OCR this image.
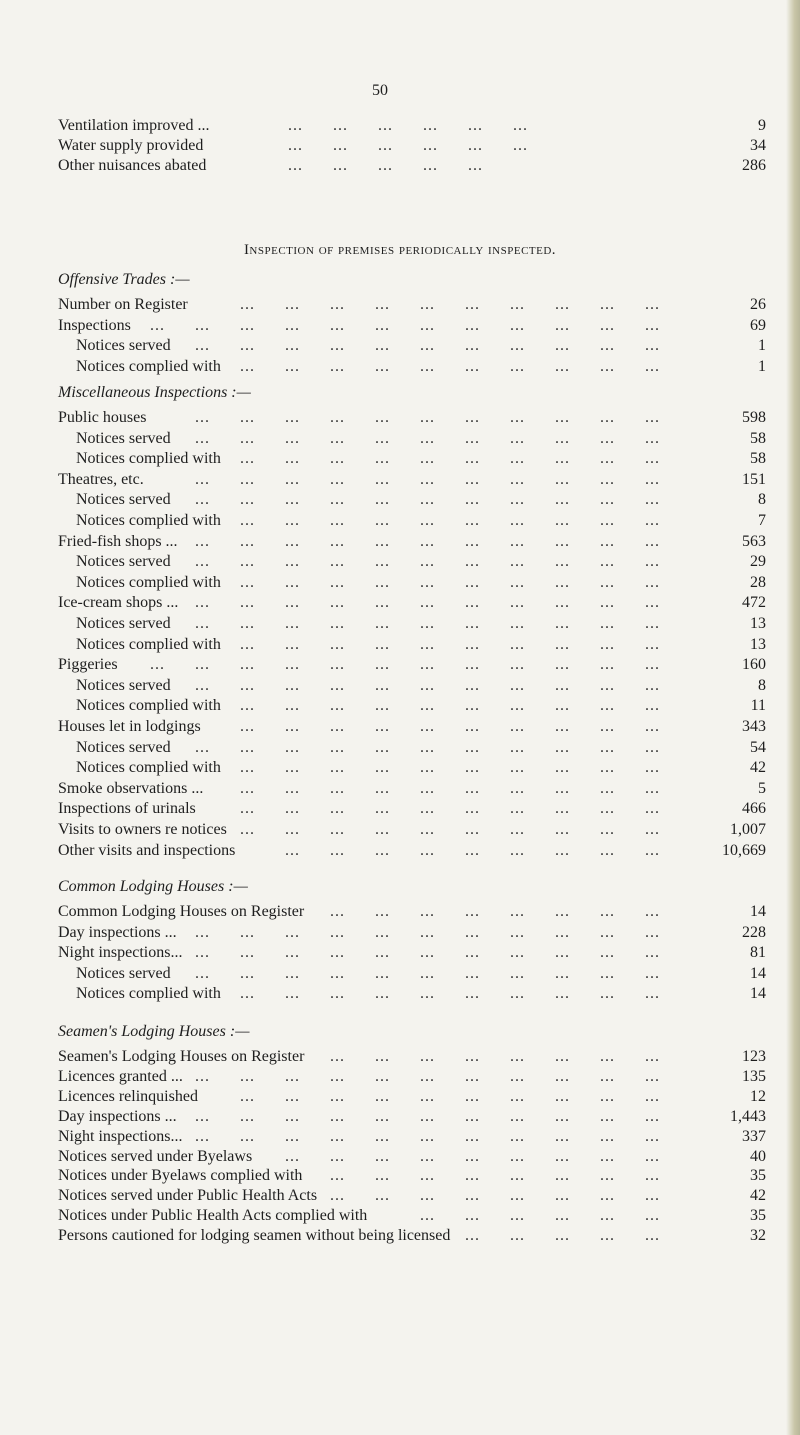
50
Ventilation improved ...	...      ...      ...      ...      ...      ...	9
Water supply provided	...      ...      ...      ...      ...      ...	34
Other nuisances abated	...      ...      ...      ...      ...	286
Inspection of premises periodically inspected.
Offensive Trades :—
Number on Register	...      ...      ...      ...      ...      ...      ...      ...      ...      ...	26
Inspections ...      ...      ...      ...      ...      ...      ...      ...      ...      ...      ...      ...	69
Notices served ...      ...      ...      ...      ...      ...      ...      ...      ...      ...      ...	1
Notices complied with ...      ...      ...      ...      ...      ...      ...      ...      ...      ...	1
Miscellaneous Inspections :—
Public houses	...      ...      ...      ...      ...      ...      ...      ...      ...      ...      ...	598
Notices served ...      ...      ...      ...      ...      ...      ...      ...      ...      ...      ...	58
Notices complied with ...      ...      ...      ...      ...      ...      ...      ...      ...      ...	58
Theatres, etc.	...      ...      ...      ...      ...      ...      ...      ...      ...      ...      ...	151
Notices served ...      ...      ...      ...      ...      ...      ...      ...      ...      ...      ...	8
Notices complied with ...      ...      ...      ...      ...      ...      ...      ...      ...      ...	7
Fried-fish shops ... ...      ...      ...      ...      ...      ...      ...      ...      ...      ...      ...	563
Notices served ...      ...      ...      ...      ...      ...      ...      ...      ...      ...      ...	29
Notices complied with ...      ...      ...      ...      ...      ...      ...      ...      ...      ...	28
Ice-cream shops ... ...      ...      ...      ...      ...      ...      ...      ...      ...      ...      ...	472
Notices served ...      ...      ...      ...      ...      ...      ...      ...      ...      ...      ...	13
Notices complied with ...      ...      ...      ...      ...      ...      ...      ...      ...      ...	13
Piggeries ...      ...      ...      ...      ...      ...      ...      ...      ...      ...      ...      ...	160
Notices served ...      ...      ...      ...      ...      ...      ...      ...      ...      ...      ...	8
Notices complied with ...      ...      ...      ...      ...      ...      ...      ...      ...      ...	11
Houses let in lodgings ...      ...      ...      ...      ...      ...      ...      ...      ...      ...	343
Notices served ...      ...      ...      ...      ...      ...      ...      ...      ...      ...      ...	54
Notices complied with ...      ...      ...      ...      ...      ...      ...      ...      ...      ...	42
Smoke observations ... ...      ...      ...      ...      ...      ...      ...      ...      ...      ...	5
Inspections of urinals	...      ...      ...      ...      ...      ...      ...      ...      ...      ...	466
Visits to owners re notices ...      ...      ...      ...      ...      ...      ...      ...      ...      ...	1,007
Other visits and inspections	...      ...      ...      ...      ...      ...      ...      ...      ... 10,669
Common Lodging Houses :—
Common Lodging Houses on Register ...      ...      ...      ...      ...      ...      ...      ...	14
Day inspections ... ...      ...      ...      ...      ...      ...      ...      ...      ...      ...      ...	228
Night inspections... ...      ...      ...      ...      ...      ...      ...      ...      ...      ...      ...	81
Notices served ...      ...      ...      ...      ...      ...      ...      ...      ...      ...      ...	14
Notices complied with ...      ...      ...      ...      ...      ...      ...      ...      ...      ...	14
Seamen's Lodging Houses :—
Seamen's Lodging Houses on Register ...      ...      ...      ...      ...      ...      ...      ...	123
Licences granted ... ...      ...      ...      ...      ...      ...      ...      ...      ...      ...      ...	135
Licences relinquished	...      ...      ...      ...      ...      ...      ...      ...      ...      ...	12
Day inspections ... ...      ...      ...      ...      ...      ...      ...      ...      ...      ...      ...	1,443
Night inspections... ...      ...      ...      ...      ...      ...      ...      ...      ...      ...      ...	337
Notices served under Byelaws ...      ...      ...      ...      ...      ...      ...      ...      ...	40
Notices under Byelaws complied with ...      ...      ...      ...      ...      ...      ...      ...	35
Notices served under Public Health Acts ...      ...      ...      ...      ...      ...      ...      ...	42
Notices under Public Health Acts complied with	...      ...      ...      ...      ...      ...	35
Persons cautioned for lodging seamen without being licensed ...      ...      ...      ...      ...	32
